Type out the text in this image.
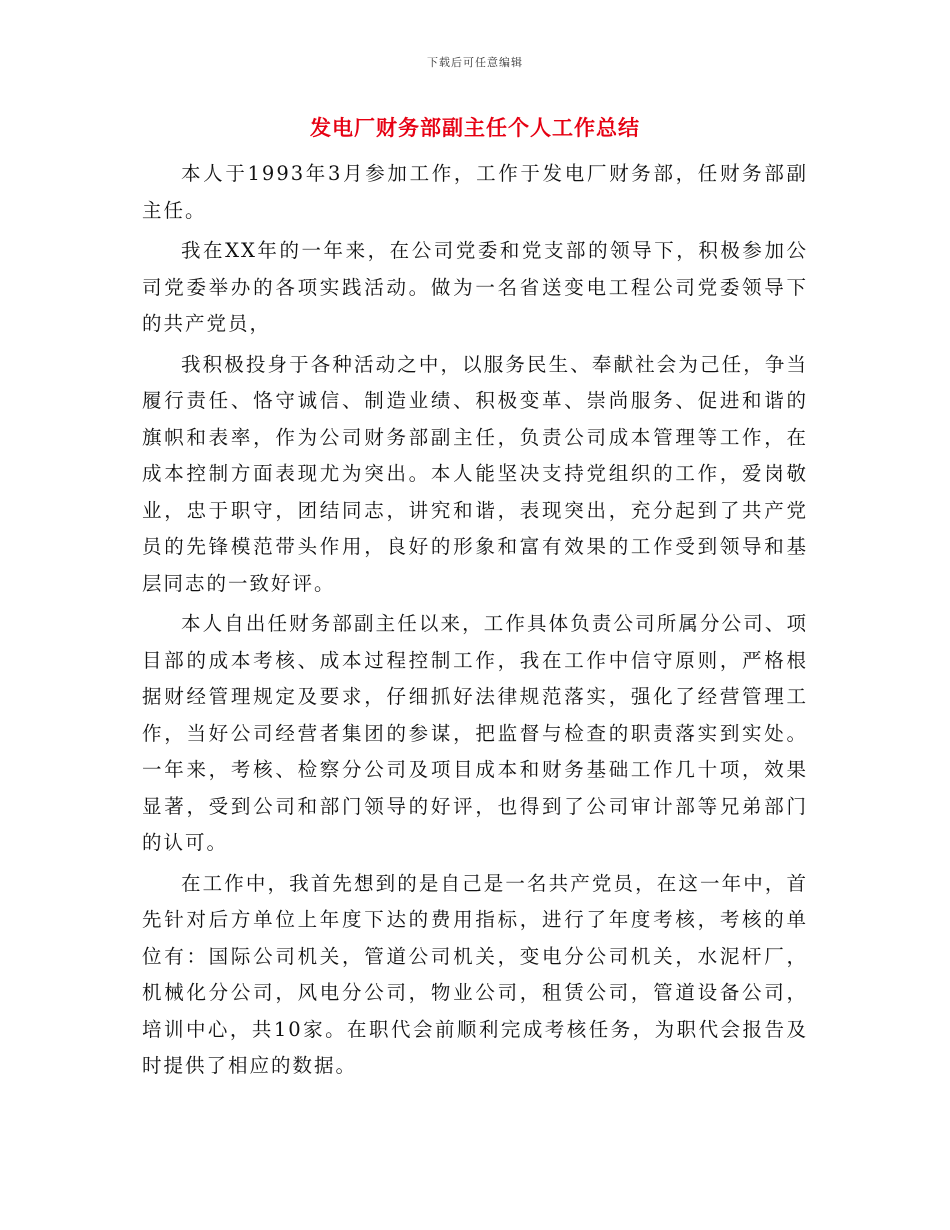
下载后可任意编辑
发电厂财务部副主任个人工作总结

本人于1993年3月参加工作，工作于发电厂财务部，任财务部副主任。

我在XX年的一年来，在公司党委和党支部的领导下，积极参加公司党委举办的各项实践活动。做为一名省送变电工程公司党委领导下的共产党员，

我积极投身于各种活动之中，以服务民生、奉献社会为己任，争当履行责任、恪守诚信、制造业绩、积极变革、崇尚服务、促进和谐的旗帜和表率，作为公司财务部副主任，负责公司成本管理等工作，在成本控制方面表现尤为突出。本人能坚决支持党组织的工作，爱岗敬业，忠于职守，团结同志，讲究和谐，表现突出，充分起到了共产党员的先锋模范带头作用，良好的形象和富有效果的工作受到领导和基层同志的一致好评。

本人自出任财务部副主任以来，工作具体负责公司所属分公司、项目部的成本考核、成本过程控制工作，我在工作中信守原则，严格根据财经管理规定及要求，仔细抓好法律规范落实，强化了经营管理工作，当好公司经营者集团的参谋，把监督与检查的职责落实到实处。一年来，考核、检察分公司及项目成本和财务基础工作几十项，效果显著，受到公司和部门领导的好评，也得到了公司审计部等兄弟部门的认可。

在工作中，我首先想到的是自己是一名共产党员，在这一年中，首先针对后方单位上年度下达的费用指标，进行了年度考核，考核的单位有：国际公司机关，管道公司机关，变电分公司机关，水泥杆厂，机械化分公司，风电分公司，物业公司，租赁公司，管道设备公司，培训中心，共10家。在职代会前顺利完成考核任务，为职代会报告及时提供了相应的数据。
